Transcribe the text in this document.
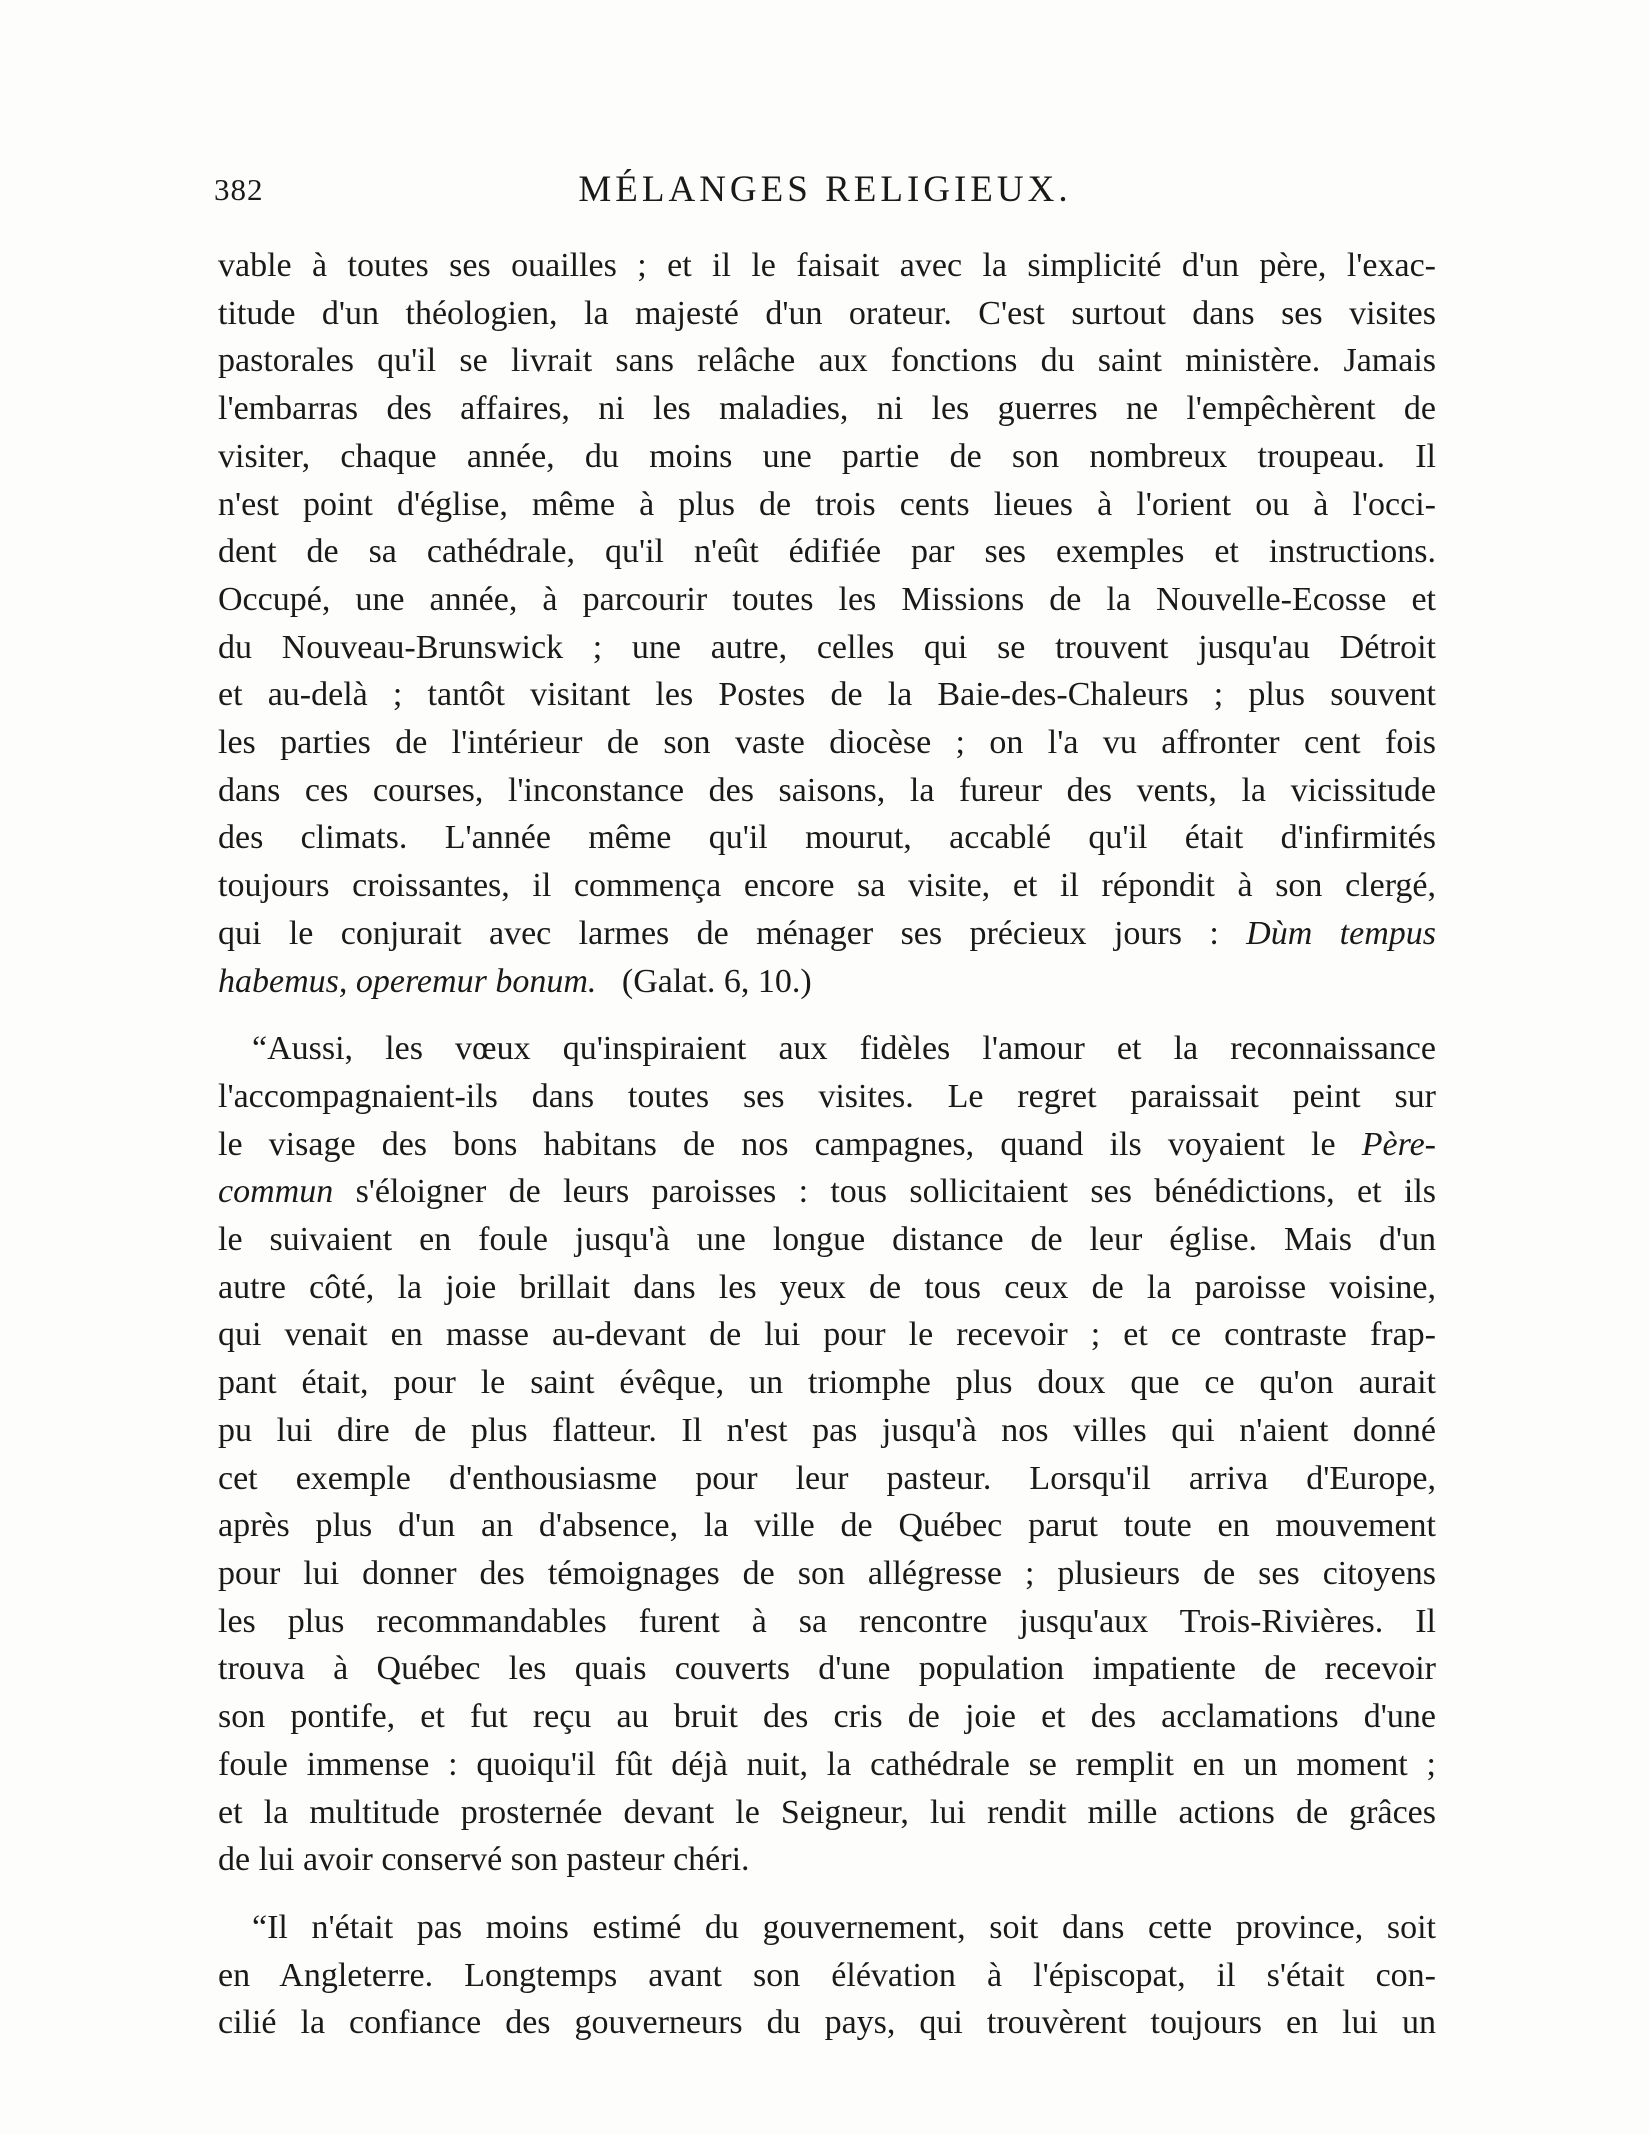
382	MÉLANGES RELIGIEUX.

vable à toutes ses ouailles ; et il le faisait avec la simplicité d'un père, l'exac-
titude d'un théologien, la majesté d'un orateur. C'est surtout dans ses visites
pastorales qu'il se livrait sans relâche aux fonctions du saint ministère. Jamais
l'embarras des affaires, ni les maladies, ni les guerres ne l'empêchèrent de
visiter, chaque année, du moins une partie de son nombreux troupeau. Il
n'est point d'église, même à plus de trois cents lieues à l'orient ou à l'occi-
dent de sa cathédrale, qu'il n'eût édifiée par ses exemples et instructions.
Occupé, une année, à parcourir toutes les Missions de la Nouvelle-Ecosse et
du Nouveau-Brunswick ; une autre, celles qui se trouvent jusqu'au Détroit
et au-delà ; tantôt visitant les Postes de la Baie-des-Chaleurs ; plus souvent
les parties de l'intérieur de son vaste diocèse ; on l'a vu affronter cent fois
dans ces courses, l'inconstance des saisons, la fureur des vents, la vicissitude
des climats. L'année même qu'il mourut, accablé qu'il était d'infirmités
toujours croissantes, il commença encore sa visite, et il répondit à son clergé,
qui le conjurait avec larmes de ménager ses précieux jours : Dùm tempus
habemus, operemur bonum. (Galat. 6, 10.)

“Aussi, les vœux qu'inspiraient aux fidèles l'amour et la reconnaissance
l'accompagnaient-ils dans toutes ses visites. Le regret paraissait peint sur
le visage des bons habitans de nos campagnes, quand ils voyaient le Père-
commun s'éloigner de leurs paroisses : tous sollicitaient ses bénédictions, et ils
le suivaient en foule jusqu'à une longue distance de leur église. Mais d'un
autre côté, la joie brillait dans les yeux de tous ceux de la paroisse voisine,
qui venait en masse au-devant de lui pour le recevoir ; et ce contraste frap-
pant était, pour le saint évêque, un triomphe plus doux que ce qu'on aurait
pu lui dire de plus flatteur. Il n'est pas jusqu'à nos villes qui n'aient donné
cet exemple d'enthousiasme pour leur pasteur. Lorsqu'il arriva d'Europe,
après plus d'un an d'absence, la ville de Québec parut toute en mouvement
pour lui donner des témoignages de son allégresse ; plusieurs de ses citoyens
les plus recommandables furent à sa rencontre jusqu'aux Trois-Rivières. Il
trouva à Québec les quais couverts d'une population impatiente de recevoir
son pontife, et fut reçu au bruit des cris de joie et des acclamations d'une
foule immense : quoiqu'il fût déjà nuit, la cathédrale se remplit en un moment ;
et la multitude prosternée devant le Seigneur, lui rendit mille actions de grâces
de lui avoir conservé son pasteur chéri.

“Il n'était pas moins estimé du gouvernement, soit dans cette province, soit
en Angleterre. Longtemps avant son élévation à l'épiscopat, il s'était con-
cilié la confiance des gouverneurs du pays, qui trouvèrent toujours en lui un
